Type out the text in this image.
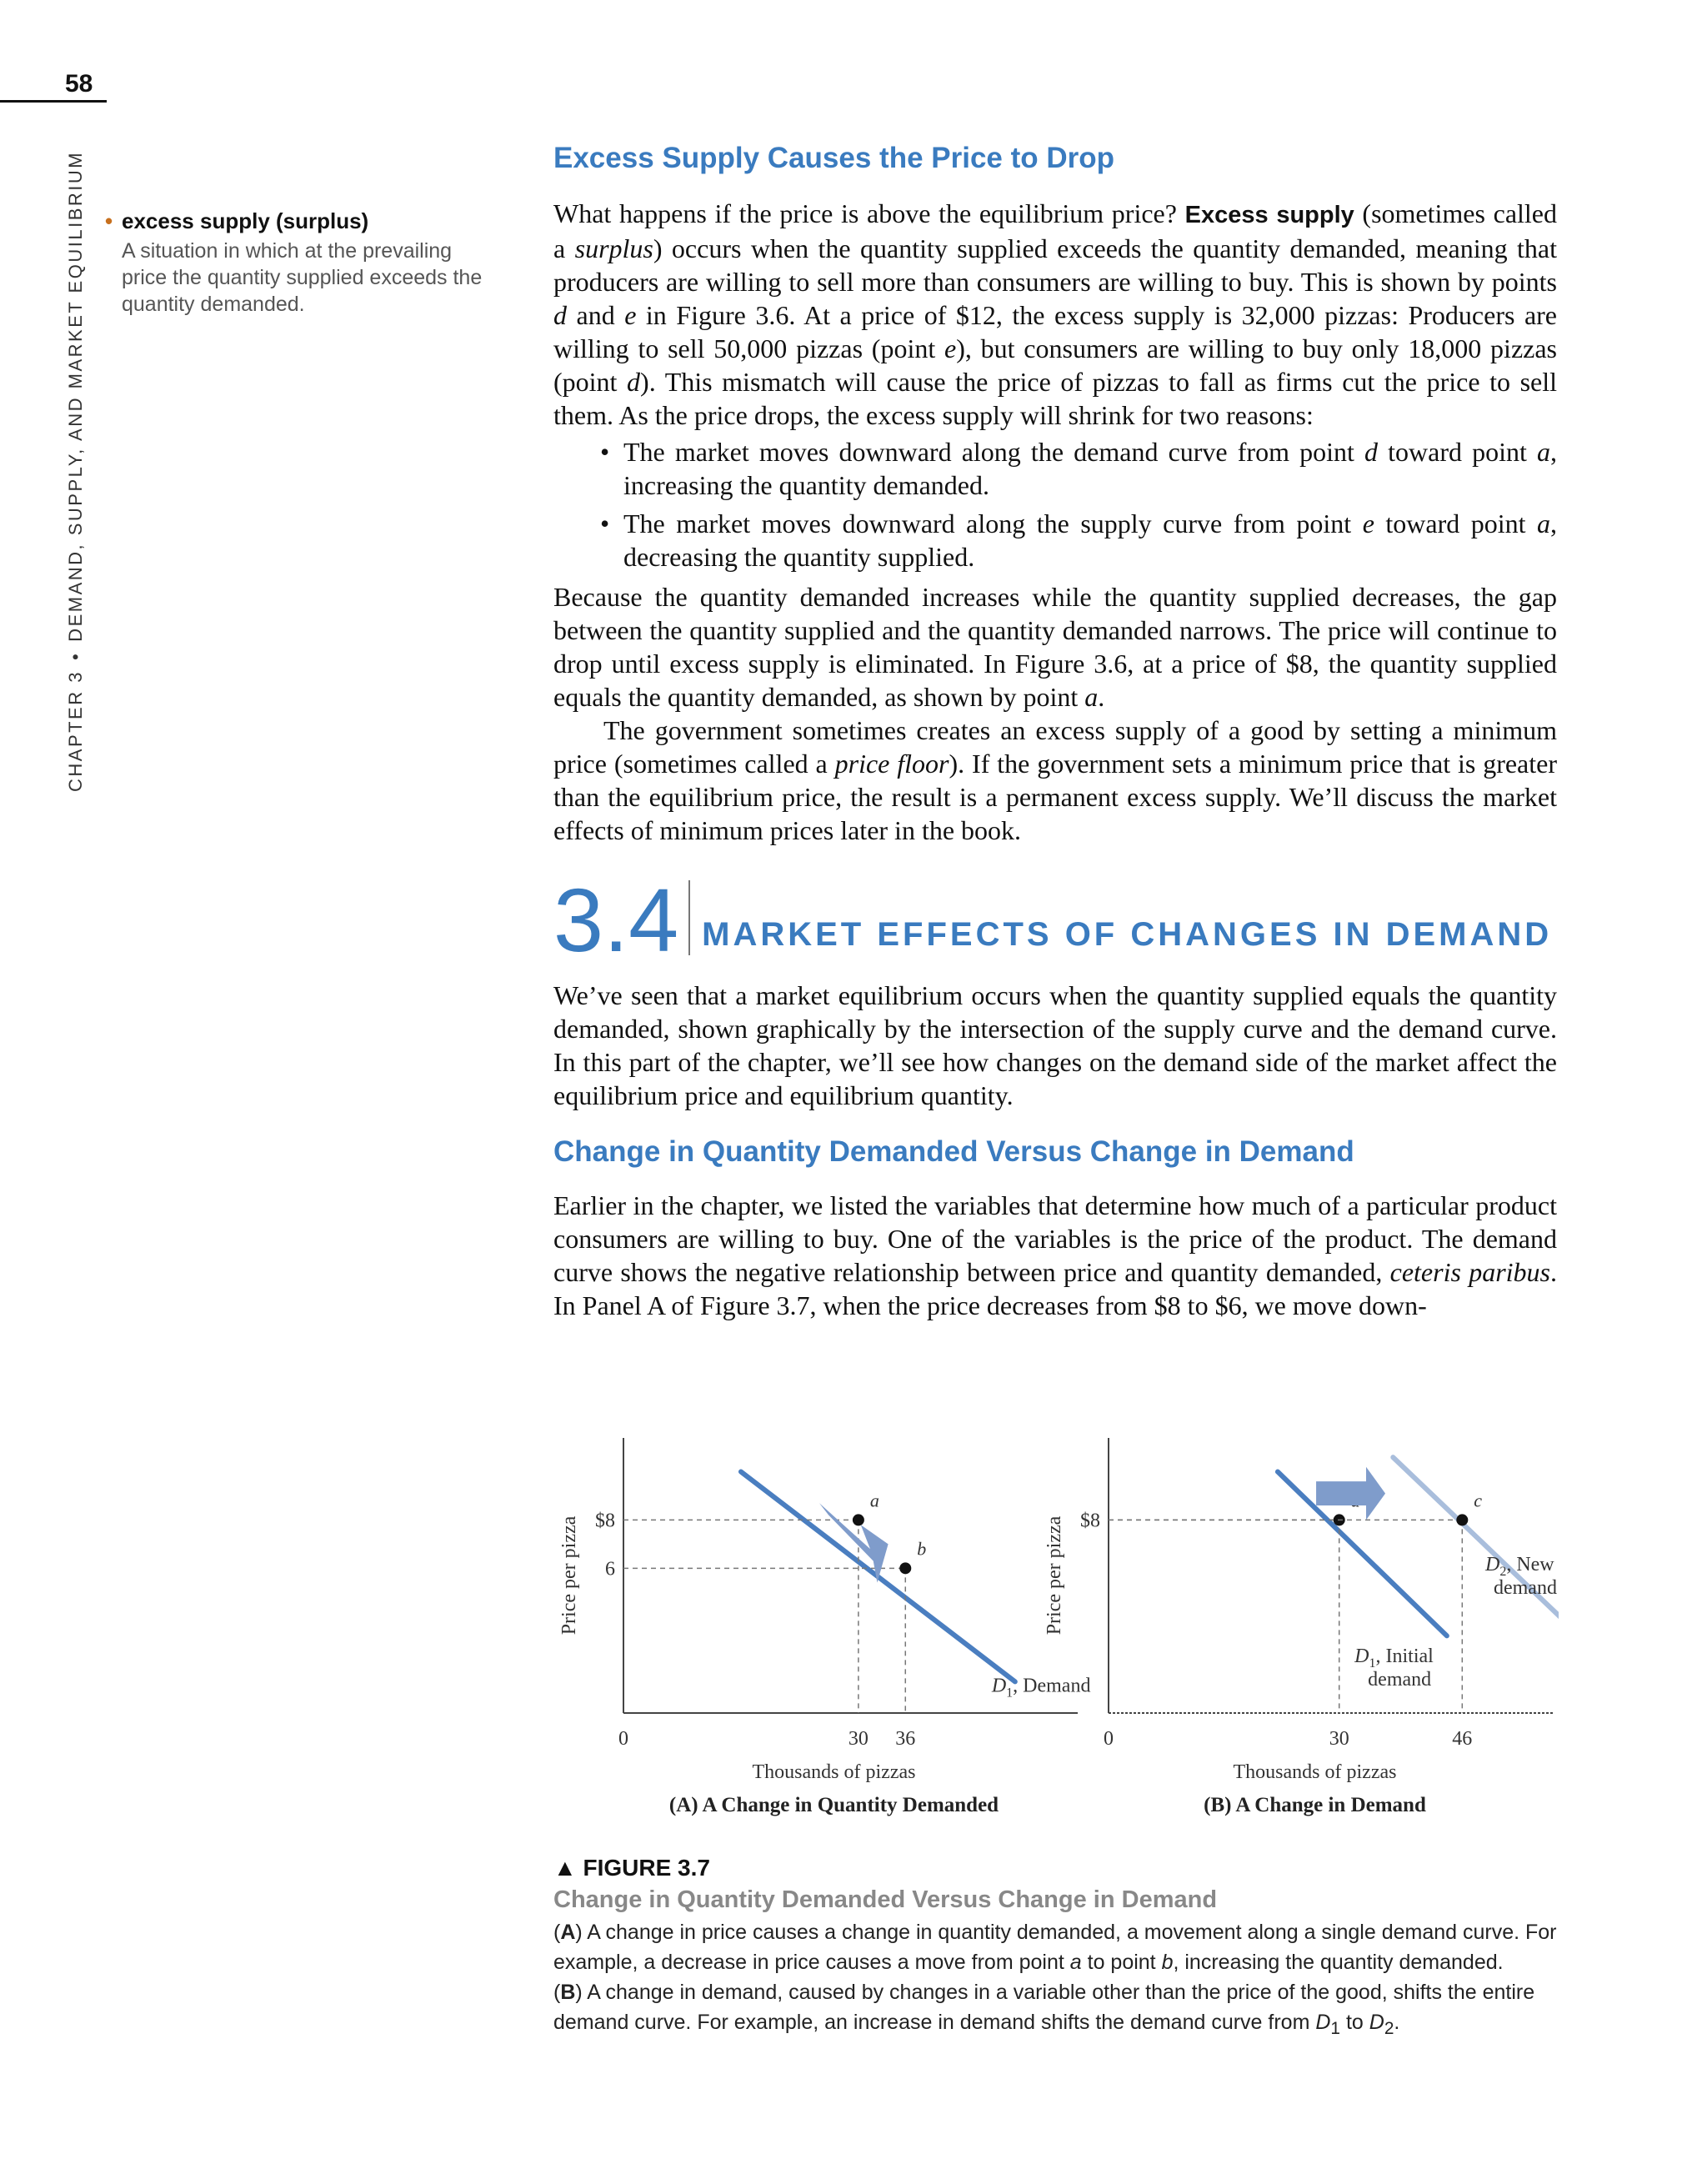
58
CHAPTER 3•DEMAND, SUPPLY, AND MARKET EQUILIBRIUM • excess supply (surplus)
A situation in which at the prevailing price the quantity supplied exceeds the quantity demanded.
Excess Supply Causes the Price to Drop

What happens if the price is above the equilibrium price? Excess supply (sometimes called a surplus) occurs when the quantity supplied exceeds the quantity demanded, meaning that producers are willing to sell more than consumers are willing to buy. This is shown by points d and e in Figure 3.6. At a price of $12, the excess supply is 32,000 pizzas: Producers are willing to sell 50,000 pizzas (point e), but consumers are willing to buy only 18,000 pizzas (point d). This mismatch will cause the price of pizzas to fall as firms cut the price to sell them. As the price drops, the excess supply will shrink for two reasons:

• The market moves downward along the demand curve from point d toward point a, increasing the quantity demanded.
• The market moves downward along the supply curve from point e toward point a, decreasing the quantity supplied.

Because the quantity demanded increases while the quantity supplied decreases, the gap between the quantity supplied and the quantity demanded narrows. The price will continue to drop until excess supply is eliminated. In Figure 3.6, at a price of $8, the quantity supplied equals the quantity demanded, as shown by point a.

The government sometimes creates an excess supply of a good by setting a minimum price (sometimes called a price floor). If the government sets a minimum price that is greater than the equilibrium price, the result is a permanent excess supply. We’ll discuss the market effects of minimum prices later in the book.

3.4 MARKET EFFECTS OF CHANGES IN DEMAND

We’ve seen that a market equilibrium occurs when the quantity supplied equals the quantity demanded, shown graphically by the intersection of the supply curve and the demand curve. In this part of the chapter, we’ll see how changes on the demand side of the market affect the equilibrium price and equilibrium quantity.

Change in Quantity Demanded Versus Change in Demand

Earlier in the chapter, we listed the variables that determine how much of a particular product consumers are willing to buy. One of the variables is the price of the product. The demand curve shows the negative relationship between price and quantity demanded, ceteris paribus. In Panel A of Figure 3.7, when the price decreases from $8 to $6, we move down-

Price per pizza
a
b
0	30 36
$8
6
Thousands of pizzas
(A) A Change in Quantity Demanded
$D_1$, Demand
Price per pizza
c
0	30	46
$8
Thousands of pizzas
(B) A Change in Demand
$D_1$, Initial
demand
$D_2$, New
demand
▲ FIGURE 3.7
Change in Quantity Demanded Versus Change in Demand
(A) A change in price causes a change in quantity demanded, a movement along a single demand curve. For example, a decrease in price causes a move from point a to point b, increasing the quantity demanded.
(B) A change in demand, caused by changes in a variable other than the price of the good, shifts the entire demand curve. For example, an increase in demand shifts the demand curve from $D_1$ to $D_2$.
